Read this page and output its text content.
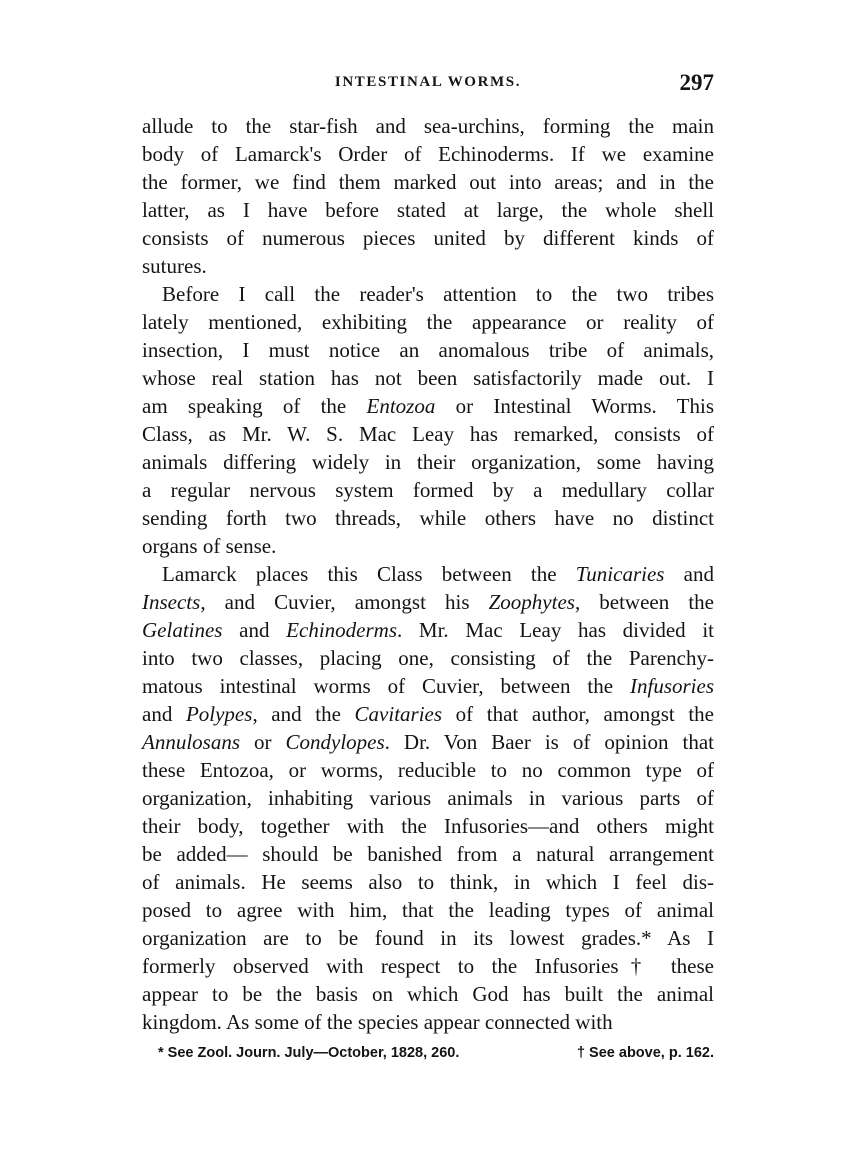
INTESTINAL WORMS.	297
allude to the star-fish and sea-urchins, forming the main
body of Lamarck's Order of Echinoderms. If we examine
the former, we find them marked out into areas; and in the
latter, as I have before stated at large, the whole shell
consists of numerous pieces united by different kinds of
sutures.
Before I call the reader's attention to the two tribes
lately mentioned, exhibiting the appearance or reality of
insection, I must notice an anomalous tribe of animals,
whose real station has not been satisfactorily made out. I
am speaking of the Entozoa or Intestinal Worms. This
Class, as Mr. W. S. Mac Leay has remarked, consists of
animals differing widely in their organization, some having
a regular nervous system formed by a medullary collar
sending forth two threads, while others have no distinct
organs of sense.
Lamarck places this Class between the Tunicaries and
Insects, and Cuvier, amongst his Zoophytes, between the
Gelatines and Echinoderms. Mr. Mac Leay has divided it
into two classes, placing one, consisting of the Parenchy-
matous intestinal worms of Cuvier, between the Infusories
and Polypes, and the Cavitaries of that author, amongst the
Annulosans or Condylopes. Dr. Von Baer is of opinion that
these Entozoa, or worms, reducible to no common type of
organization, inhabiting various animals in various parts of
their body, together with the Infusories—and others might
be added— should be banished from a natural arrangement
of animals. He seems also to think, in which I feel dis-
posed to agree with him, that the leading types of animal
organization are to be found in its lowest grades.* As I
formerly observed with respect to the Infusories† these
appear to be the basis on which God has built the animal
kingdom. As some of the species appear connected with
* See Zool. Journ. July—October, 1828, 260.	† See above, p. 162.
